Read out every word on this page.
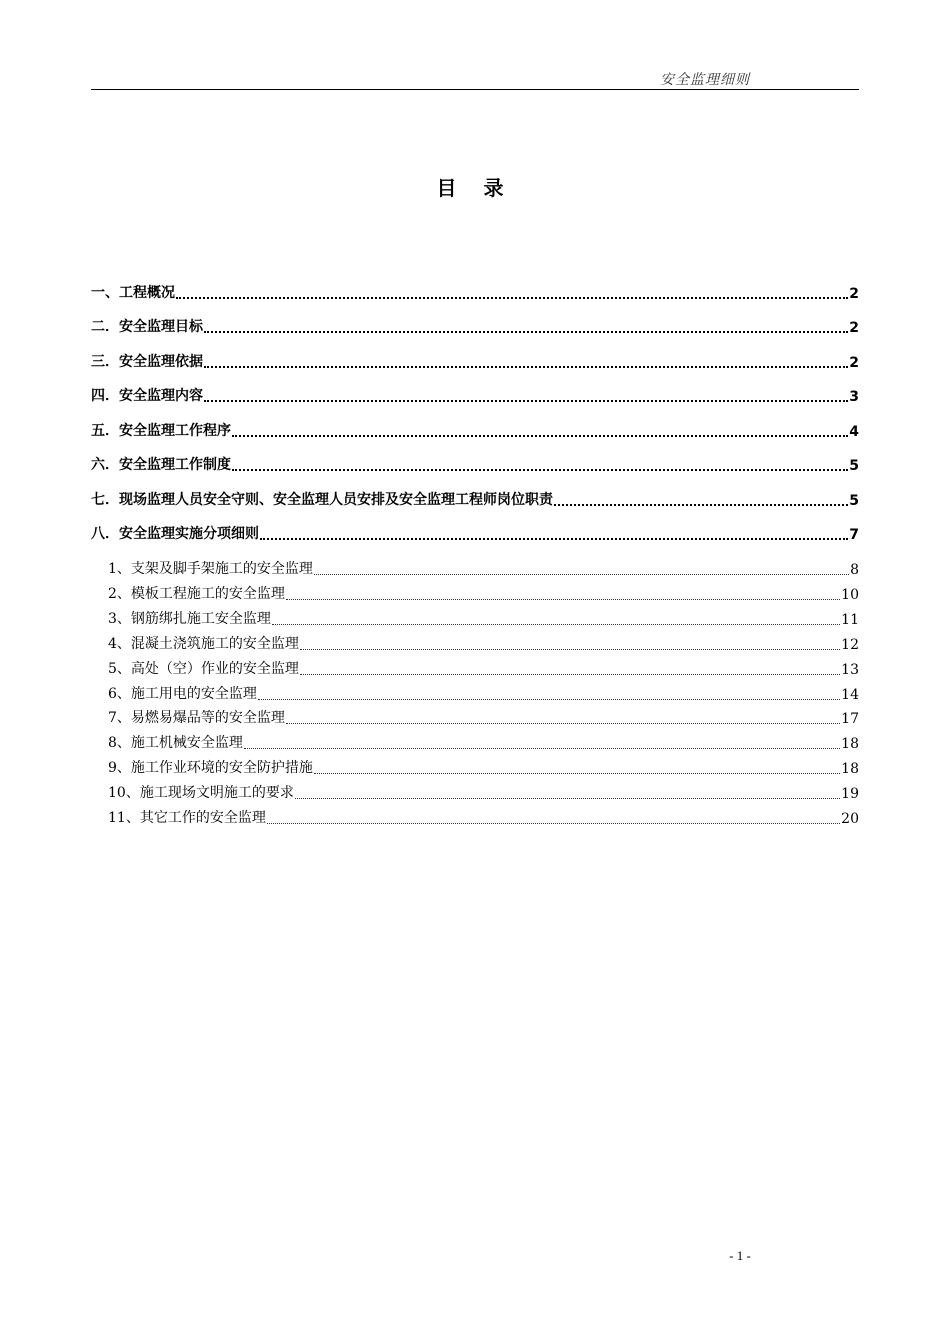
安全监理细则
目 录
一、工程概况	2
二．安全监理目标	2
三．安全监理依据	2
四．安全监理内容	3
五．安全监理工作程序	4
六．安全监理工作制度	5
七．现场监理人员安全守则、安全监理人员安排及安全监理工程师岗位职责	5
八．安全监理实施分项细则	7
1、支架及脚手架施工的安全监理	8
2、模板工程施工的安全监理	10
3、钢筋绑扎施工安全监理	11
4、混凝土浇筑施工的安全监理	12
5、高处（空）作业的安全监理	13
6、施工用电的安全监理	14
7、易燃易爆品等的安全监理	17
8、施工机械安全监理	18
9、施工作业环境的安全防护措施	18
10、施工现场文明施工的要求	19
11、其它工作的安全监理	20
- 1 -
